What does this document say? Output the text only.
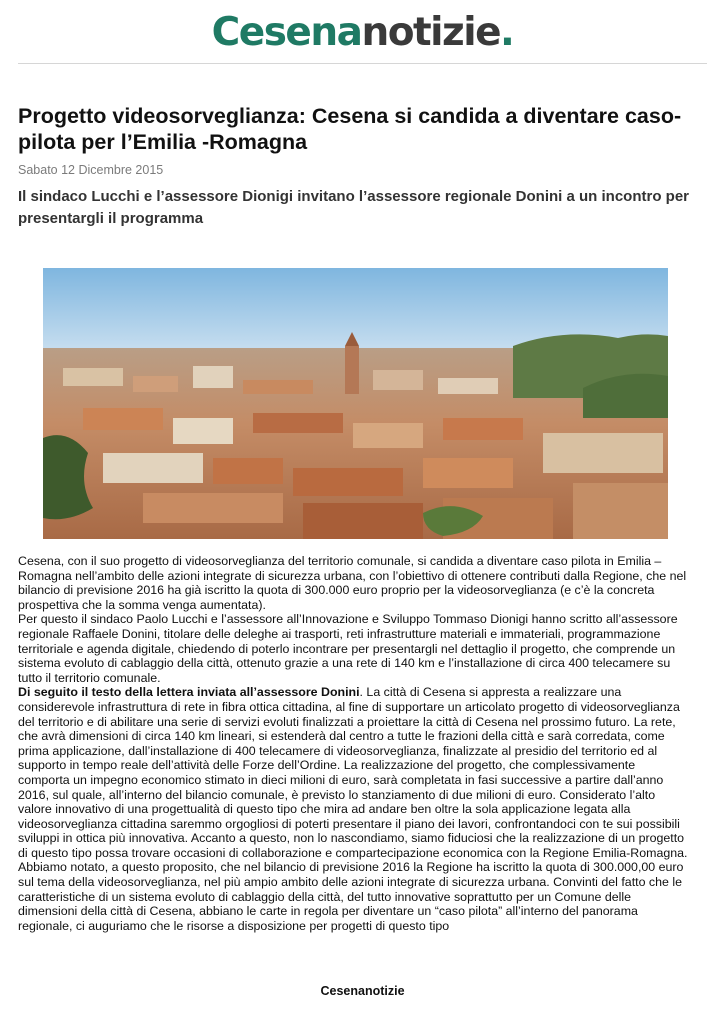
Cesenanotizie.
Progetto videosorveglianza: Cesena si candida a diventare caso-pilota per l’Emilia -Romagna
Sabato 12 Dicembre 2015
Il sindaco Lucchi e l’assessore Dionigi invitano l’assessore regionale Donini a un incontro per presentargli il programma

Cesena, con il suo progetto di videosorveglianza del territorio comunale, si candida a diventare caso pilota in Emilia – Romagna nell’ambito delle azioni integrate di sicurezza urbana, con l’obiettivo di ottenere contributi dalla Regione, che nel bilancio di previsione 2016 ha già iscritto la quota di 300.000 euro proprio per la videosorveglianza (e c’è la concreta prospettiva che la somma venga aumentata).

Per questo il sindaco Paolo Lucchi e l’assessore all’Innovazione e Sviluppo Tommaso Dionigi hanno scritto all’assessore regionale Raffaele Donini, titolare delle deleghe ai trasporti, reti infrastrutture materiali e immateriali, programmazione territoriale e agenda digitale, chiedendo di poterlo incontrare per presentargli nel dettaglio il progetto, che comprende un sistema evoluto di cablaggio della città, ottenuto grazie a una rete di 140 km e l’installazione di circa 400 telecamere su tutto il territorio comunale.

Di seguito il testo della lettera inviata all’assessore Donini. La città di Cesena si appresta a realizzare una considerevole infrastruttura di rete in fibra ottica cittadina, al fine di supportare un articolato progetto di videosorveglianza del territorio e di abilitare una serie di servizi evoluti finalizzati a proiettare la città di Cesena nel prossimo futuro. La rete, che avrà dimensioni di circa 140 km lineari, si estenderà dal centro a tutte le frazioni della città e sarà corredata, come prima applicazione, dall’installazione di 400 telecamere di videosorveglianza, finalizzate al presidio del territorio ed al supporto in tempo reale dell’attività delle Forze dell’Ordine. La realizzazione del progetto, che complessivamente comporta un impegno economico stimato in dieci milioni di euro, sarà completata in fasi successive a partire dall’anno 2016, sul quale, all’interno del bilancio comunale, è previsto lo stanziamento di due milioni di euro. Considerato l’alto valore innovativo di una progettualità di questo tipo che mira ad andare ben oltre la sola applicazione legata alla videosorveglianza cittadina saremmo orgogliosi di poterti presentare il piano dei lavori, confrontandoci con te sui possibili sviluppi in ottica più innovativa. Accanto a questo, non lo nascondiamo, siamo fiduciosi che la realizzazione di un progetto di questo tipo possa trovare occasioni di collaborazione e compartecipazione economica con la Regione Emilia-Romagna. Abbiamo notato, a questo proposito, che nel bilancio di previsione 2016 la Regione ha iscritto la quota di 300.000,00 euro sul tema della videosorveglianza, nel più ampio ambito delle azioni integrate di sicurezza urbana. Convinti del fatto che le caratteristiche di un sistema evoluto di cablaggio della città, del tutto innovative soprattutto per un Comune delle dimensioni della città di Cesena, abbiano le carte in regola per diventare un “caso pilota” all’interno del panorama regionale, ci auguriamo che le risorse a disposizione per progetti di questo tipo

Cesenanotizie
